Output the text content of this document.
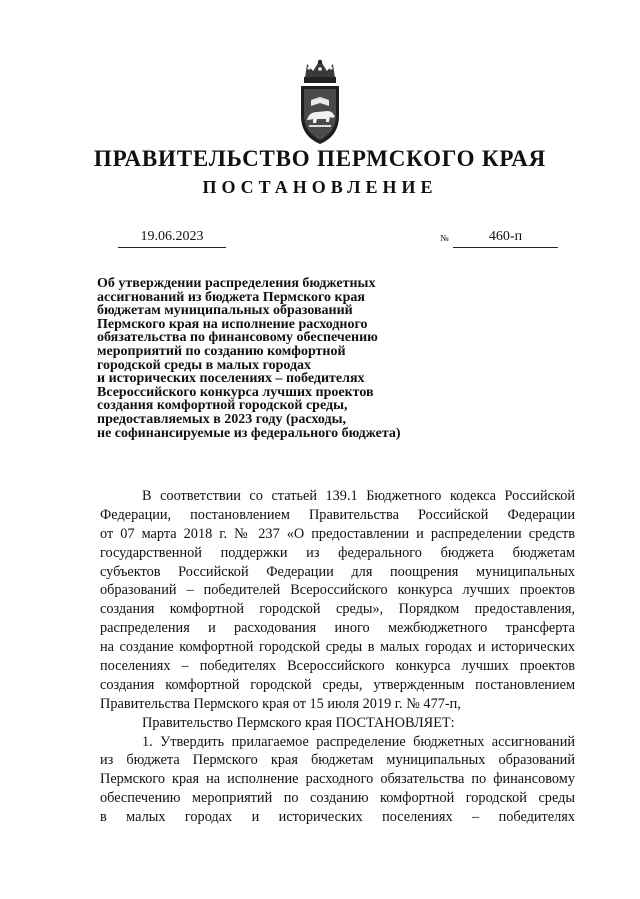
ПРАВИТЕЛЬСТВО ПЕРМСКОГО КРАЯ
ПОСТАНОВЛЕНИЕ
19.06.2023	№	460-п
Об утверждении распределения бюджетных
ассигнований из бюджета Пермского края
бюджетам муниципальных образований
Пермского края на исполнение расходного
обязательства по финансовому обеспечению
мероприятий по созданию комфортной
городской среды в малых городах
и исторических поселениях – победителях
Всероссийского конкурса лучших проектов
создания комфортной городской среды,
предоставляемых в 2023 году (расходы,
не софинансируемые из федерального бюджета)
В соответствии со статьей 139.1 Бюджетного кодекса Российской
Федерации, постановлением Правительства Российской Федерации
от 07 марта 2018 г. № 237 «О предоставлении и распределении средств
государственной поддержки из федерального бюджета бюджетам
субъектов Российской Федерации для поощрения муниципальных
образований – победителей Всероссийского конкурса лучших проектов
создания комфортной городской среды», Порядком предоставления,
распределения и расходования иного межбюджетного трансферта
на создание комфортной городской среды в малых городах и исторических
поселениях – победителях Всероссийского конкурса лучших проектов
создания комфортной городской среды, утвержденным постановлением
Правительства Пермского края от 15 июля 2019 г. № 477-п,
Правительство Пермского края ПОСТАНОВЛЯЕТ:
1. Утвердить прилагаемое распределение бюджетных ассигнований
из бюджета Пермского края бюджетам муниципальных образований
Пермского края на исполнение расходного обязательства по финансовому
обеспечению мероприятий по созданию комфортной городской среды
в малых городах и исторических поселениях – победителях
